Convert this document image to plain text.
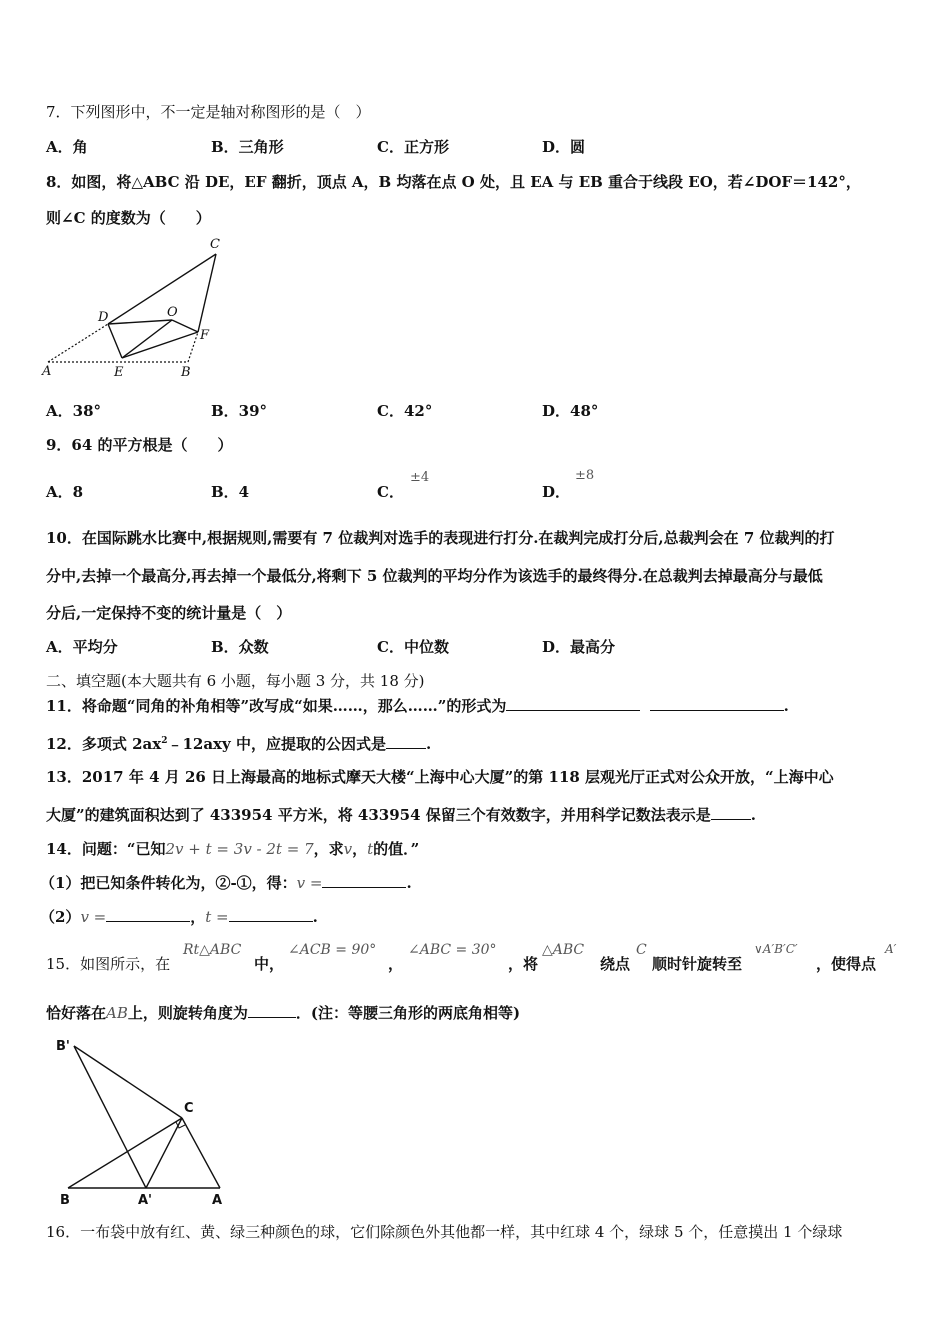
7．下列图形中，不一定是轴对称图形的是（　）
A．角	B．三角形	C．正方形	D．圆
8．如图，将△ABC 沿 DE，EF 翻折，顶点 A，B 均落在点 O 处，且 EA 与 EB 重合于线段 EO，若∠DOF＝142°，
则∠C 的度数为（　　）
A	E	B
C
D	O
F
A．38°	B．39°	C．42°	D．48°
9．64 的平方根是（　　）
A．8	B．4	C．
±4
D．
±8
10．在国际跳水比赛中,根据规则,需要有 7 位裁判对选手的表现进行打分.在裁判完成打分后,总裁判会在 7 位裁判的打
分中,去掉一个最高分,再去掉一个最低分,将剩下 5 位裁判的平均分作为该选手的最终得分.在总裁判去掉最高分与最低
分后,一定保持不变的统计量是（　）
A．平均分	B．众数	C．中位数	D．最高分
二、填空题(本大题共有 6 小题，每小题 3 分，共 18 分)
11．将命题“同角的补角相等”改写成“如果……，那么……”的形式为	.
12．多项式 $2ax^2﹣12axy$ 中，应提取的公因式是	.
13．2017 年 4 月 26 日上海最高的地标式摩天大楼“上海中心大厦”的第 118 层观光厅正式对公众开放，“上海中心
大厦”的建筑面积达到了 433954 平方米，将 433954 保留三个有效数字，并用科学记数法表示是	.
14．问题：“已知2v + t = 3v - 2t = 7，求v，t的值．”
（1）把已知条件转化为，②-①，得：v =	.
（2）v =	，t =	.
15．如图所示，在
Rt△ABC
中，
∠ACB = 90°
，
∠ABC = 30°
，将
△ABC
绕点
C
顺时针旋转至
∨A′B′C′
，使得点
A′
恰好落在AB上，则旋转角度为	．(注：等腰三角形的两底角相等)
B'
C
B	A'	A
16．一布袋中放有红、黄、绿三种颜色的球，它们除颜色外其他都一样，其中红球 4 个，绿球 5 个，任意摸出 1 个绿球
